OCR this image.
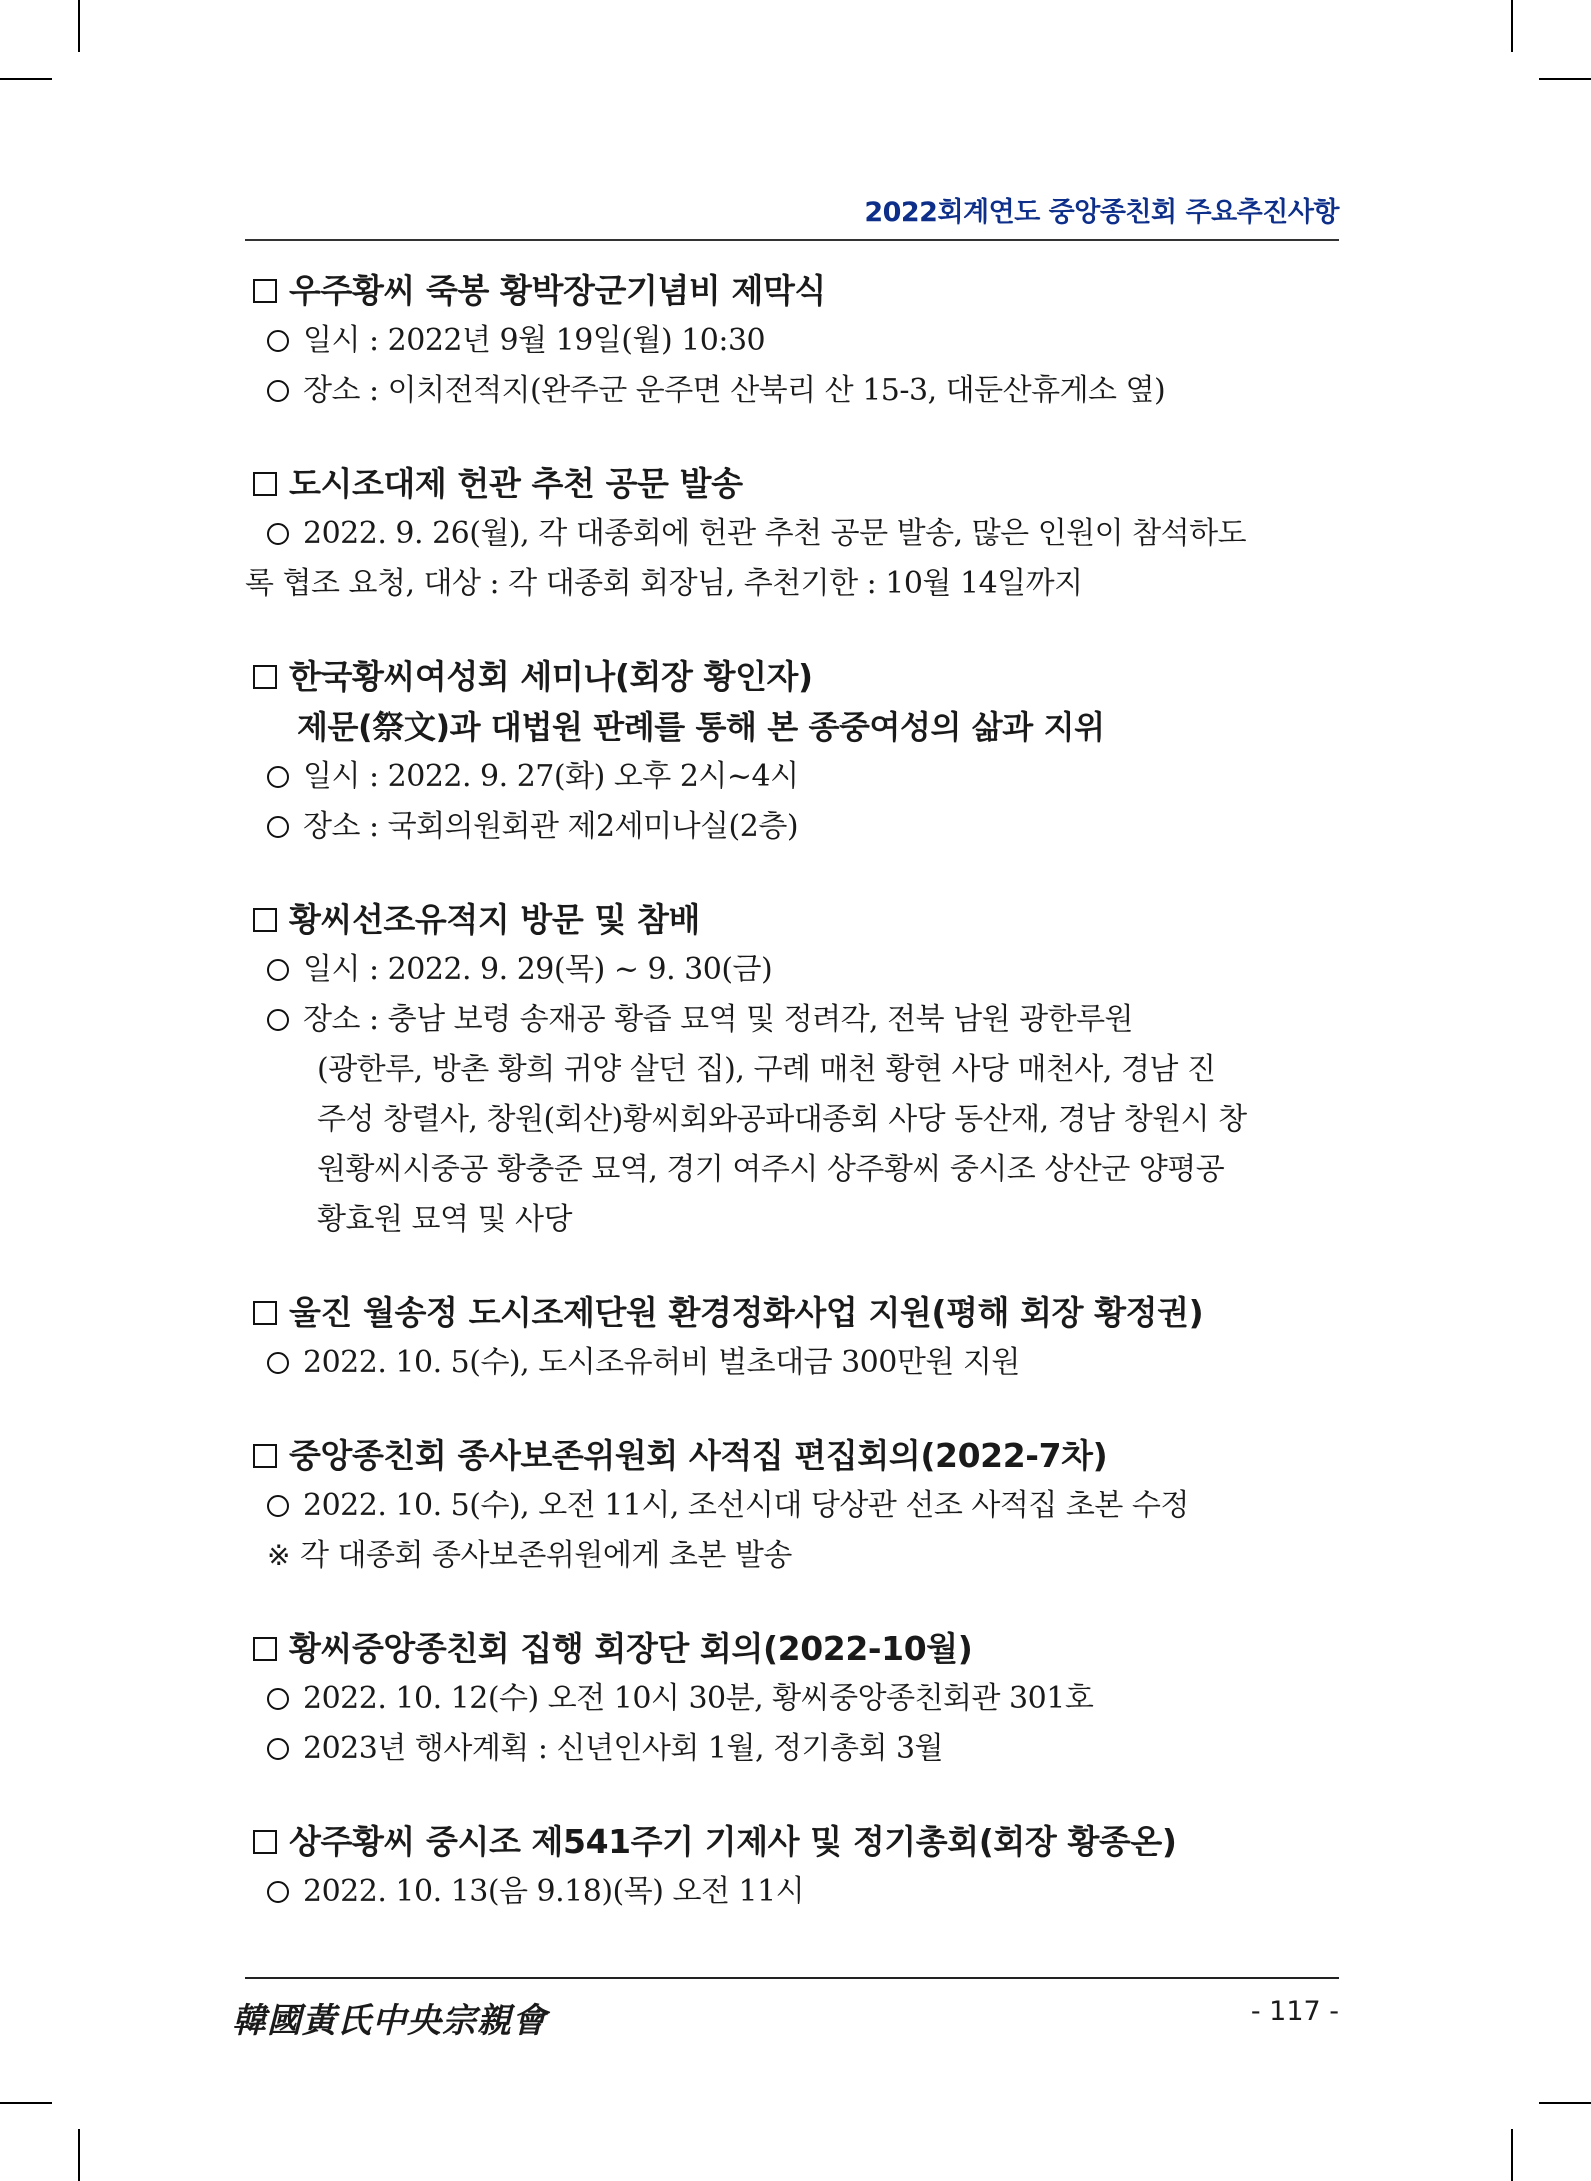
2022회계연도 중앙종친회 주요추진사항
우주황씨 죽봉 황박장군기념비 제막식
일시 : 2022년 9월 19일(월) 10:30
장소 : 이치전적지(완주군 운주면 산북리 산 15-3, 대둔산휴게소 옆)
도시조대제 헌관 추천 공문 발송
2022. 9. 26(월), 각 대종회에 헌관 추천 공문 발송, 많은 인원이 참석하도
록 협조 요청, 대상 : 각 대종회 회장님, 추천기한 : 10월 14일까지
한국황씨여성회 세미나(회장 황인자)
제문(祭文)과 대법원 판례를 통해 본 종중여성의 삶과 지위
일시 : 2022. 9. 27(화) 오후 2시~4시
장소 : 국회의원회관 제2세미나실(2층)
황씨선조유적지 방문 및 참배
일시 : 2022. 9. 29(목) ~ 9. 30(금)
장소 : 충남 보령 송재공 황즙 묘역 및 정려각, 전북 남원 광한루원
(광한루, 방촌 황희 귀양 살던 집), 구례 매천 황현 사당 매천사, 경남 진
주성 창렬사, 창원(회산)황씨회와공파대종회 사당 동산재, 경남 창원시 창
원황씨시중공 황충준 묘역, 경기 여주시 상주황씨 중시조 상산군 양평공
황효원 묘역 및 사당
울진 월송정 도시조제단원 환경정화사업 지원(평해 회장 황정권)
2022. 10. 5(수), 도시조유허비 벌초대금 300만원 지원
중앙종친회 종사보존위원회 사적집 편집회의(2022-7차)
2022. 10. 5(수), 오전 11시, 조선시대 당상관 선조 사적집 초본 수정
※ 각 대종회 종사보존위원에게 초본 발송
황씨중앙종친회 집행 회장단 회의(2022-10월)
2022. 10. 12(수) 오전 10시 30분, 황씨중앙종친회관 301호
2023년 행사계획 : 신년인사회 1월, 정기총회 3월
상주황씨 중시조 제541주기 기제사 및 정기총회(회장 황종온)
2022. 10. 13(음 9.18)(목) 오전 11시
韓國黃氏中央宗親會	- 117 -
